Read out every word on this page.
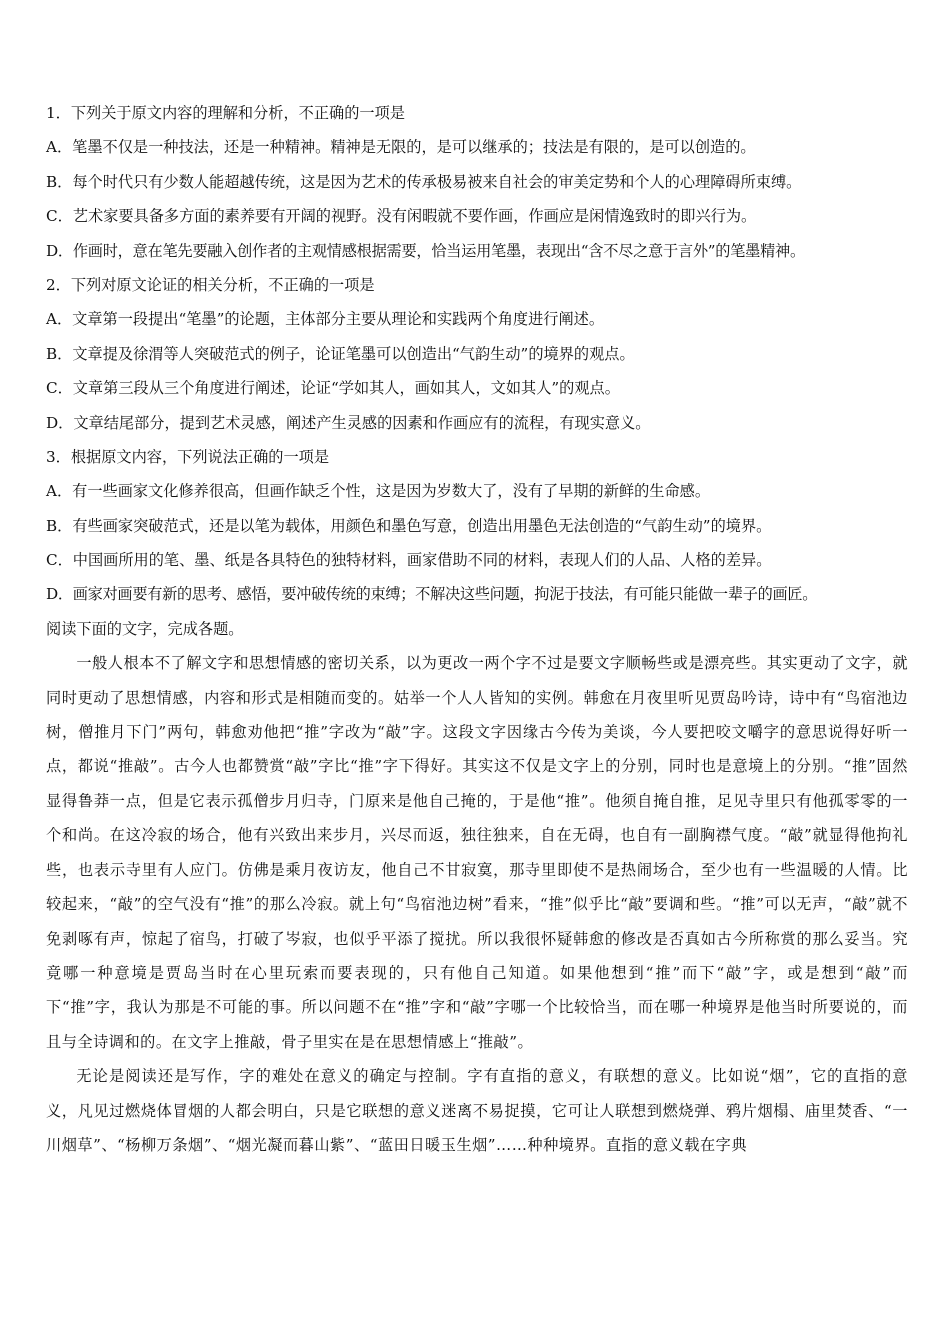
1．下列关于原文内容的理解和分析，不正确的一项是

A．笔墨不仅是一种技法，还是一种精神。精神是无限的，是可以继承的；技法是有限的，是可以创造的。

B．每个时代只有少数人能超越传统，这是因为艺术的传承极易被来自社会的审美定势和个人的心理障碍所束缚。

C．艺术家要具备多方面的素养要有开阔的视野。没有闲暇就不要作画，作画应是闲情逸致时的即兴行为。

D．作画时，意在笔先要融入创作者的主观情感根据需要，恰当运用笔墨，表现出“含不尽之意于言外”的笔墨精神。

2．下列对原文论证的相关分析，不正确的一项是

A．文章第一段提出“笔墨”的论题，主体部分主要从理论和实践两个角度进行阐述。

B．文章提及徐渭等人突破范式的例子，论证笔墨可以创造出“气韵生动”的境界的观点。

C．文章第三段从三个角度进行阐述，论证“学如其人，画如其人，文如其人”的观点。

D．文章结尾部分，提到艺术灵感，阐述产生灵感的因素和作画应有的流程，有现实意义。

3．根据原文内容，下列说法正确的一项是

A．有一些画家文化修养很高，但画作缺乏个性，这是因为岁数大了，没有了早期的新鲜的生命感。

B．有些画家突破范式，还是以笔为载体，用颜色和墨色写意，创造出用墨色无法创造的“气韵生动”的境界。

C．中国画所用的笔、墨、纸是各具特色的独特材料，画家借助不同的材料，表现人们的人品、人格的差异。

D．画家对画要有新的思考、感悟，要冲破传统的束缚；不解决这些问题，拘泥于技法，有可能只能做一辈子的画匠。

阅读下面的文字，完成各题。

一般人根本不了解文字和思想情感的密切关系，以为更改一两个字不过是要文字顺畅些或是漂亮些。其实更动了文字，就同时更动了思想情感，内容和形式是相随而变的。姑举一个人人皆知的实例。韩愈在月夜里听见贾岛吟诗，诗中有“鸟宿池边树，僧推月下门”两句，韩愈劝他把“推”字改为“敲”字。这段文字因缘古今传为美谈，今人要把咬文嚼字的意思说得好听一点，都说“推敲”。古今人也都赞赏“敲”字比“推”字下得好。其实这不仅是文字上的分别，同时也是意境上的分别。“推”固然显得鲁莽一点，但是它表示孤僧步月归寺，门原来是他自己掩的，于是他“推”。他须自掩自推，足见寺里只有他孤零零的一个和尚。在这冷寂的场合，他有兴致出来步月，兴尽而返，独往独来，自在无碍，也自有一副胸襟气度。“敲”就显得他拘礼些，也表示寺里有人应门。仿佛是乘月夜访友，他自己不甘寂寞，那寺里即使不是热闹场合，至少也有一些温暖的人情。比较起来，“敲”的空气没有“推”的那么冷寂。就上句“鸟宿池边树”看来，“推”似乎比“敲”要调和些。“推”可以无声，“敲”就不免剥啄有声，惊起了宿鸟，打破了岑寂，也似乎平添了搅扰。所以我很怀疑韩愈的修改是否真如古今所称赏的那么妥当。究竟哪一种意境是贾岛当时在心里玩索而要表现的，只有他自己知道。如果他想到“推”而下“敲”字，或是想到“敲”而下“推”字，我认为那是不可能的事。所以问题不在“推”字和“敲”字哪一个比较恰当，而在哪一种境界是他当时所要说的，而且与全诗调和的。在文字上推敲，骨子里实在是在思想情感上“推敲”。

无论是阅读还是写作，字的难处在意义的确定与控制。字有直指的意义，有联想的意义。比如说“烟”，它的直指的意义，凡见过燃烧体冒烟的人都会明白，只是它联想的意义迷离不易捉摸，它可让人联想到燃烧弹、鸦片烟榻、庙里焚香、“一川烟草”、“杨柳万条烟”、“烟光凝而暮山紫”、“蓝田日暖玉生烟”……种种境界。直指的意义载在字典
